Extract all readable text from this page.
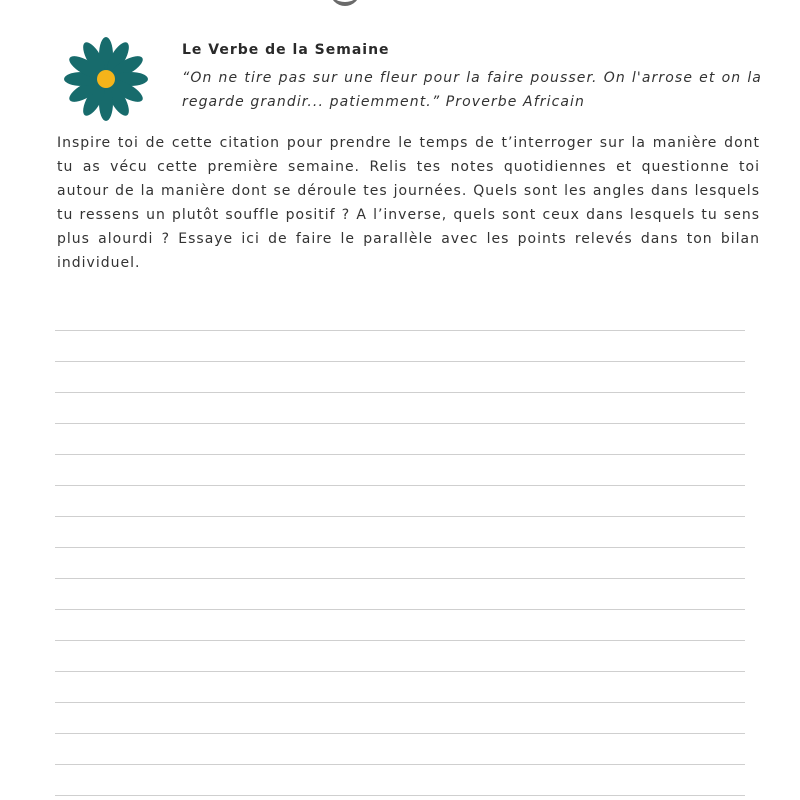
Le Verbe de la Semaine

“On ne tire pas sur une fleur pour la faire pousser. On l'arrose et on la regarde grandir... patiemment.” Proverbe Africain

Inspire toi de cette citation pour prendre le temps de t’interroger sur la manière dont tu as vécu cette première semaine. Relis tes notes quotidiennes et questionne toi autour de la manière dont se déroule tes journées. Quels sont les angles dans lesquels tu ressens un plutôt souffle positif ? A l’inverse, quels sont ceux dans lesquels tu sens plus alourdi ? Essaye ici de faire le parallèle avec les points relevés dans ton bilan individuel.
